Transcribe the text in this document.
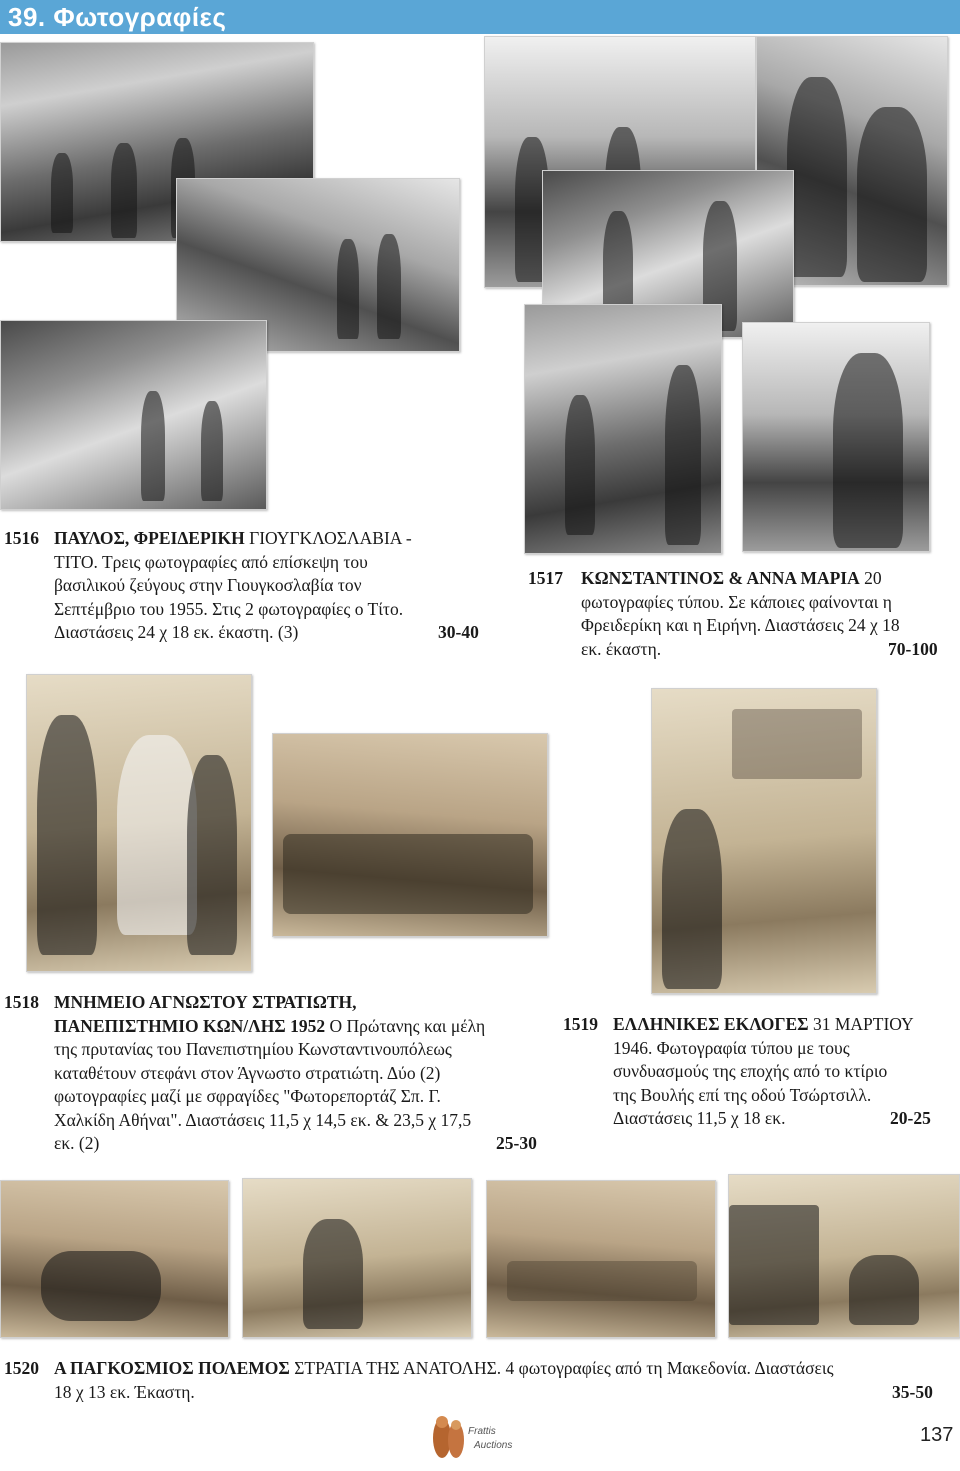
39. Φωτογραφίες
1516 ΠΑΥΛΟΣ, ΦΡΕΙΔΕΡΙΚΗ ΓΙΟΥΓΚΛΟΣΛΑΒΙΑ -
ΤΙΤΟ. Τρεις φωτογραφίες από επίσκεψη του
βασιλικού ζεύγους στην Γιουγκοσλαβία τον
Σεπτέμβριο του 1955. Στις 2 φωτογραφίες ο Τίτο.
Διαστάσεις 24 χ 18 εκ. έκαστη. (3)	30-40
1517 ΚΩΝΣΤΑΝΤΙΝΟΣ & ΑΝΝΑ ΜΑΡΙΑ 20
φωτογραφίες τύπου. Σε κάποιες φαίνονται η
Φρειδερίκη και η Ειρήνη. Διαστάσεις 24 χ 18
εκ. έκαστη.	70-100
1518 ΜΝΗΜΕΙΟ ΑΓΝΩΣΤΟΥ ΣΤΡΑΤΙΩΤΗ,
ΠΑΝΕΠΙΣΤΗΜΙΟ ΚΩΝ/ΛΗΣ 1952 Ο Πρώτανης και μέλη
της πρυτανίας του Πανεπιστημίου Κωνσταντινουπόλεως
καταθέτουν στεφάνι στον Άγνωστο στρατιώτη. Δύο (2)
φωτογραφίες μαζί με σφραγίδες "Φωτορεπορτάζ Σπ. Γ.
Χαλκίδη Αθήναι". Διαστάσεις 11,5 χ 14,5 εκ. & 23,5 χ 17,5
εκ. (2)	25-30
1519 ΕΛΛΗΝΙΚΕΣ ΕΚΛΟΓΕΣ 31 ΜΑΡΤΙΟΥ
1946. Φωτογραφία τύπου με τους
συνδυασμούς της εποχής από το κτίριο
της Βουλής επί της οδού Τσώρτσιλλ.
Διαστάσεις 11,5 χ 18 εκ.	20-25
1520 Α ΠΑΓΚΟΣΜΙΟΣ ΠΟΛΕΜΟΣ ΣΤΡΑΤΙΑ ΤΗΣ ΑΝΑΤΟΛΗΣ. 4 φωτογραφίες από τη Μακεδονία. Διαστάσεις
18 χ 13 εκ. Έκαστη.	35-50
Frattis
Auctions	137
